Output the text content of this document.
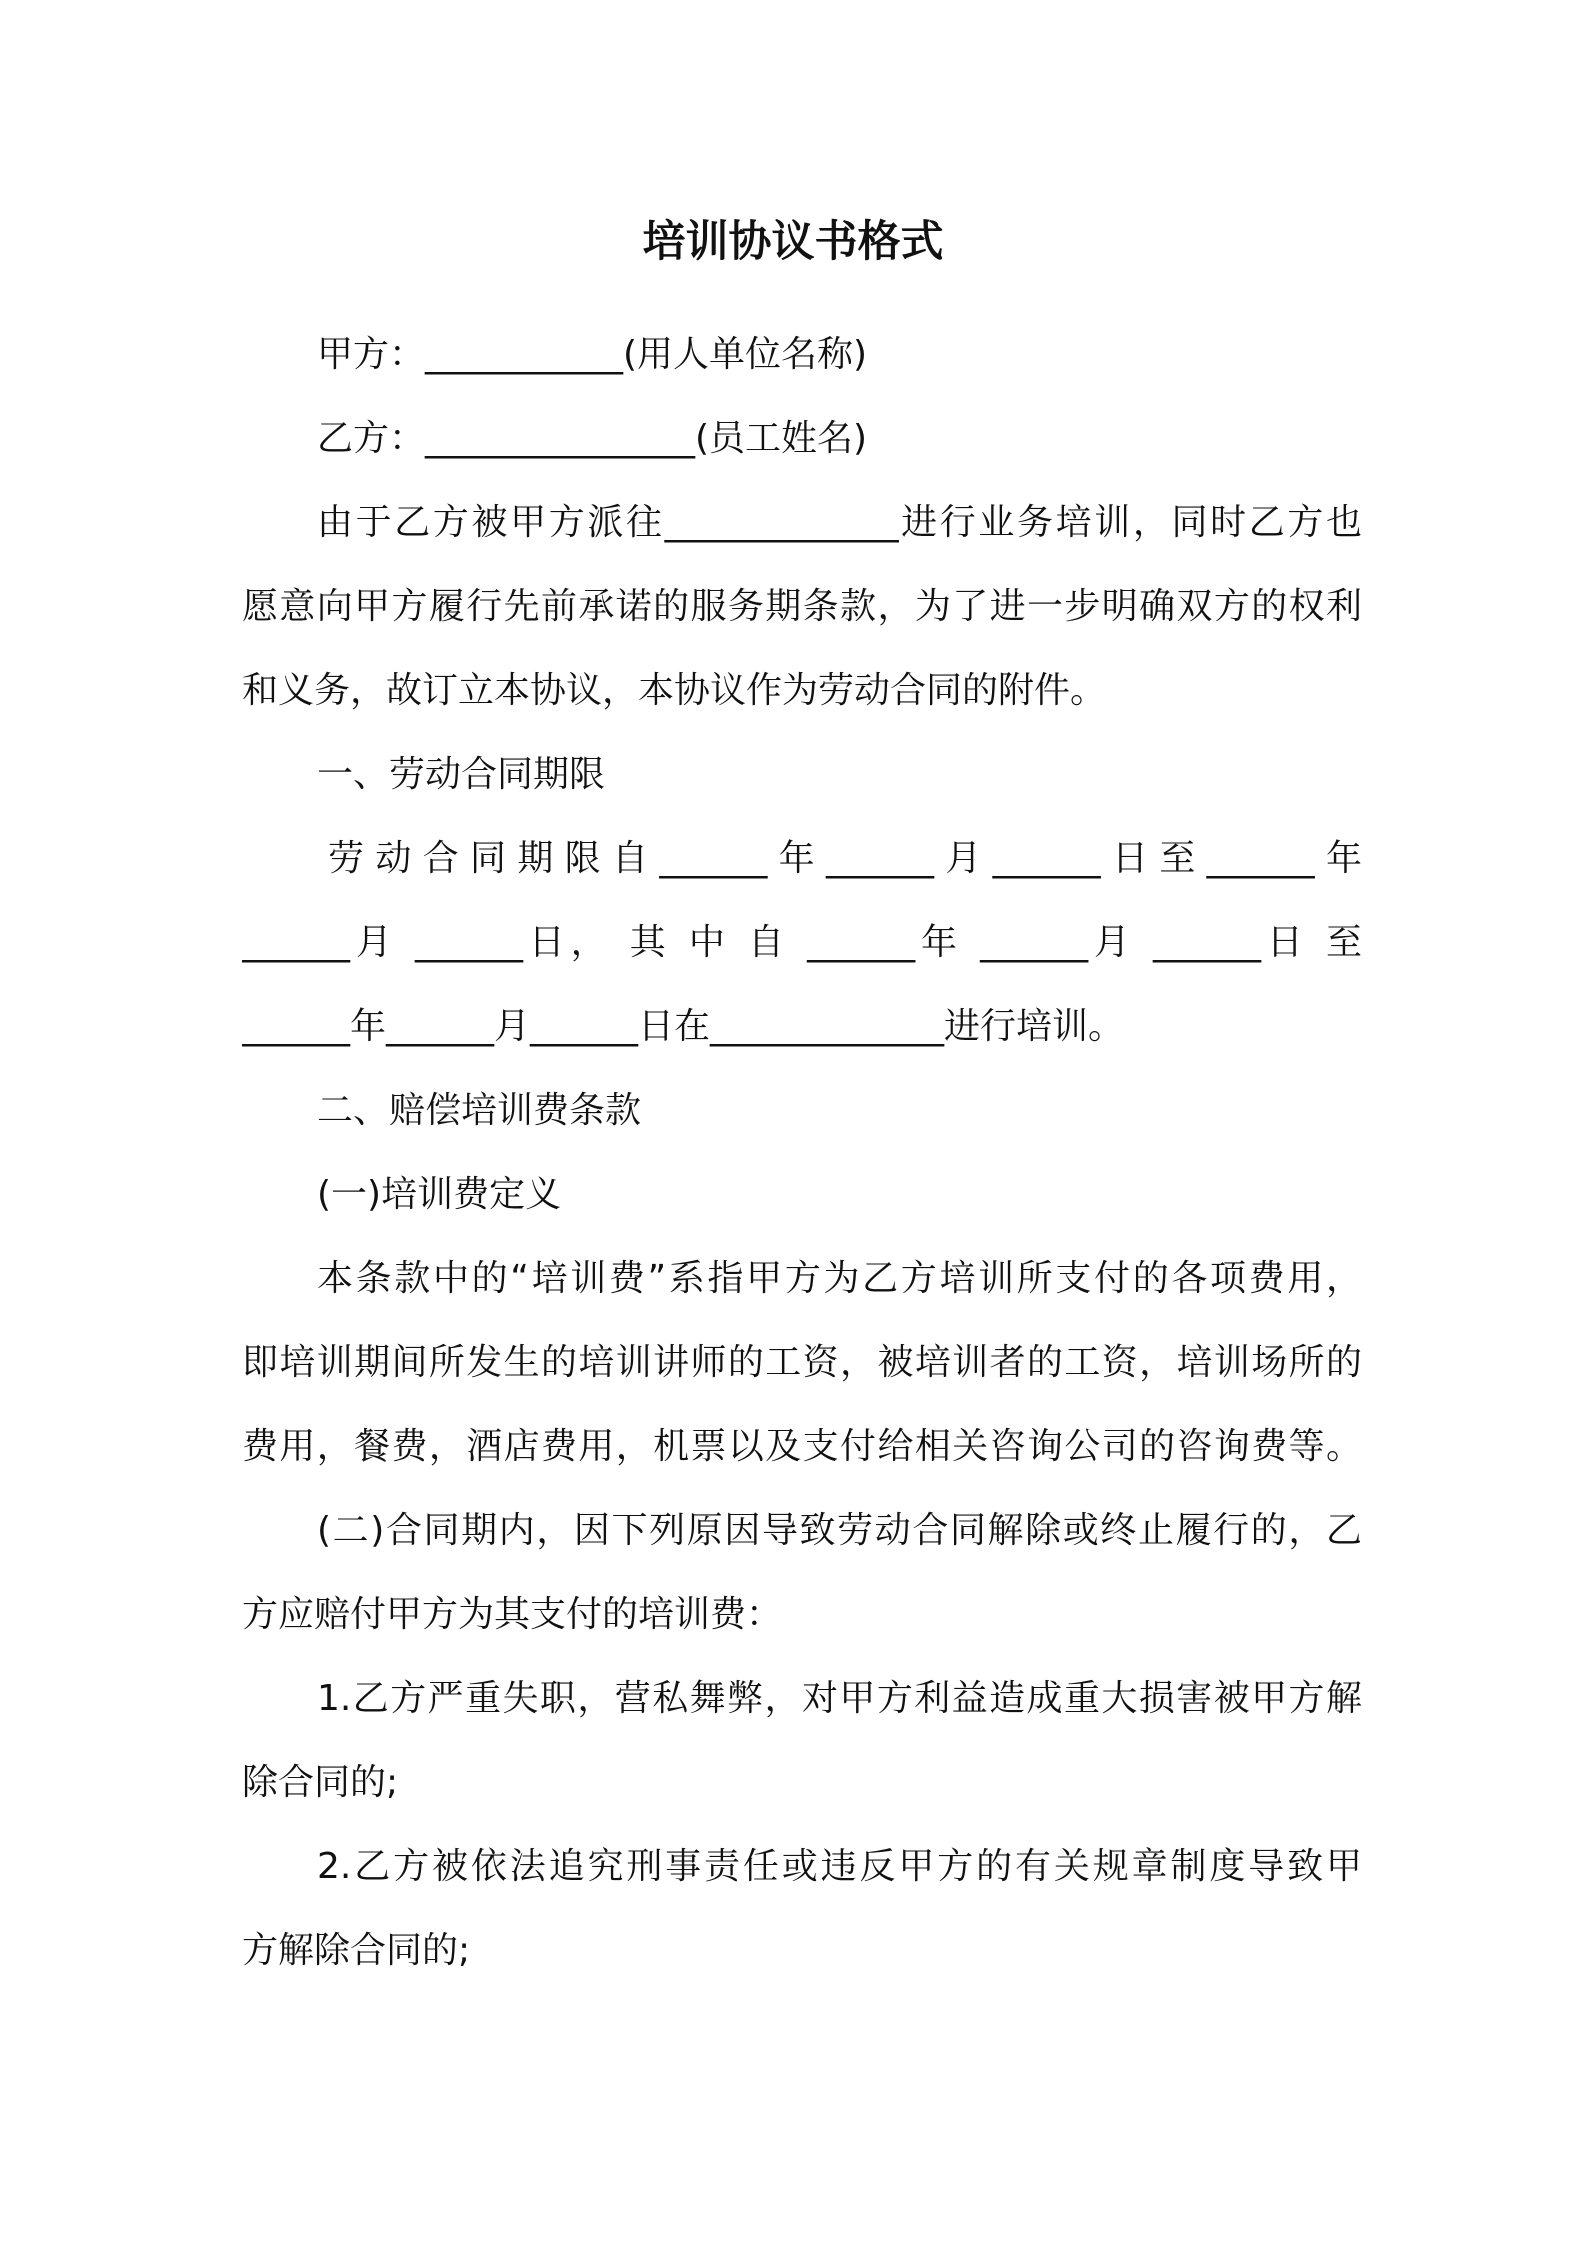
培训协议书格式
甲方：___________(用人单位名称)
乙方：_______________(员工姓名)
由于乙方被甲方派往_____________进行业务培训，同时乙方也
愿意向甲方履行先前承诺的服务期条款，为了进一步明确双方的权利
和义务，故订立本协议，本协议作为劳动合同的附件。
一、劳动合同期限
劳动合同期限自______年______月______日至______年
______月 ______日， 其 中 自 ______年 ______月 ______日 至
______年______月______日在_____________进行培训。
二、赔偿培训费条款
(一)培训费定义
本条款中的“培训费”系指甲方为乙方培训所支付的各项费用，
即培训期间所发生的培训讲师的工资，被培训者的工资，培训场所的
费用，餐费，酒店费用，机票以及支付给相关咨询公司的咨询费等。
(二)合同期内，因下列原因导致劳动合同解除或终止履行的，乙
方应赔付甲方为其支付的培训费：
1.乙方严重失职，营私舞弊，对甲方利益造成重大损害被甲方解
除合同的;
2.乙方被依法追究刑事责任或违反甲方的有关规章制度导致甲
方解除合同的;
